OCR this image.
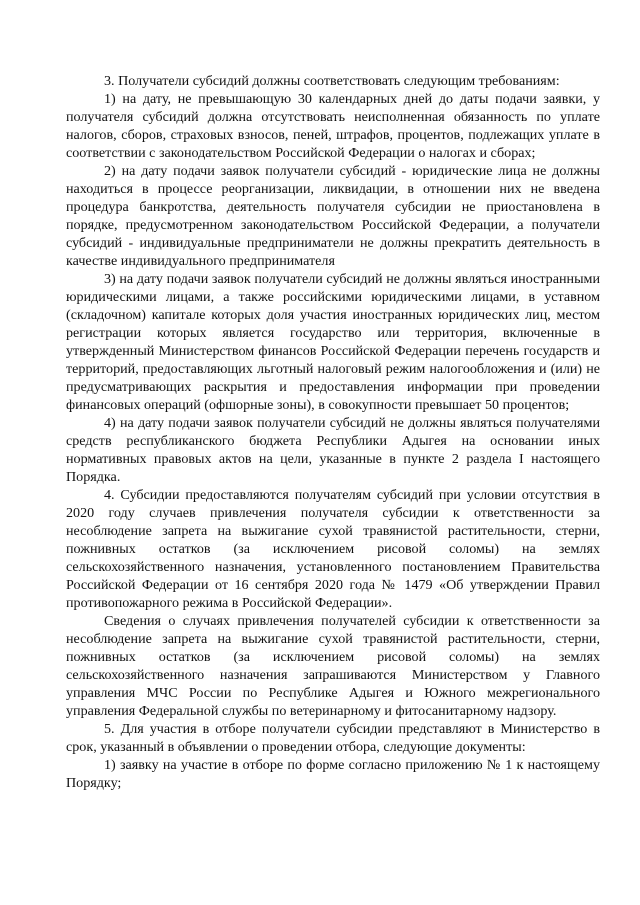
3. Получатели субсидий должны соответствовать следующим требованиям:

1) на дату, не превышающую 30 календарных дней до даты подачи заявки, у получателя субсидий должна отсутствовать неисполненная обязанность по уплате налогов, сборов, страховых взносов, пеней, штрафов, процентов, подлежащих уплате в соответствии с законодательством Российской Федерации о налогах и сборах;

2) на дату подачи заявок получатели субсидий - юридические лица не должны находиться в процессе реорганизации, ликвидации, в отношении них не введена процедура банкротства, деятельность получателя субсидии не приостановлена в порядке, предусмотренном законодательством Российской Федерации, а получатели субсидий - индивидуальные предприниматели не должны прекратить деятельность в качестве индивидуального предпринимателя

3) на дату подачи заявок получатели субсидий не должны являться иностранными юридическими лицами, а также российскими юридическими лицами, в уставном (складочном) капитале которых доля участия иностранных юридических лиц, местом регистрации которых является государство или территория, включенные в утвержденный Министерством финансов Российской Федерации перечень государств и территорий, предоставляющих льготный налоговый режим налогообложения и (или) не предусматривающих раскрытия и предоставления информации при проведении финансовых операций (офшорные зоны), в совокупности превышает 50 процентов;

4) на дату подачи заявок получатели субсидий не должны являться получателями средств республиканского бюджета Республики Адыгея на основании иных нормативных правовых актов на цели, указанные в пункте 2 раздела I настоящего Порядка.

4. Субсидии предоставляются получателям субсидий при условии отсутствия в 2020 году случаев привлечения получателя субсидии к ответственности за несоблюдение запрета на выжигание сухой травянистой растительности, стерни, пожнивных остатков (за исключением рисовой соломы) на землях сельскохозяйственного назначения, установленного постановлением Правительства Российской Федерации от 16 сентября 2020 года № 1479 «Об утверждении Правил противопожарного режима в Российской Федерации».

Сведения о случаях привлечения получателей субсидии к ответственности за несоблюдение запрета на выжигание сухой травянистой растительности, стерни, пожнивных остатков (за исключением рисовой соломы) на землях сельскохозяйственного назначения запрашиваются Министерством у Главного управления МЧС России по Республике Адыгея и Южного межрегионального управления Федеральной службы по ветеринарному и фитосанитарному надзору.

5. Для участия в отборе получатели субсидии представляют в Министерство в срок, указанный в объявлении о проведении отбора, следующие документы:

1) заявку на участие в отборе по форме согласно приложению № 1 к настоящему Порядку;
